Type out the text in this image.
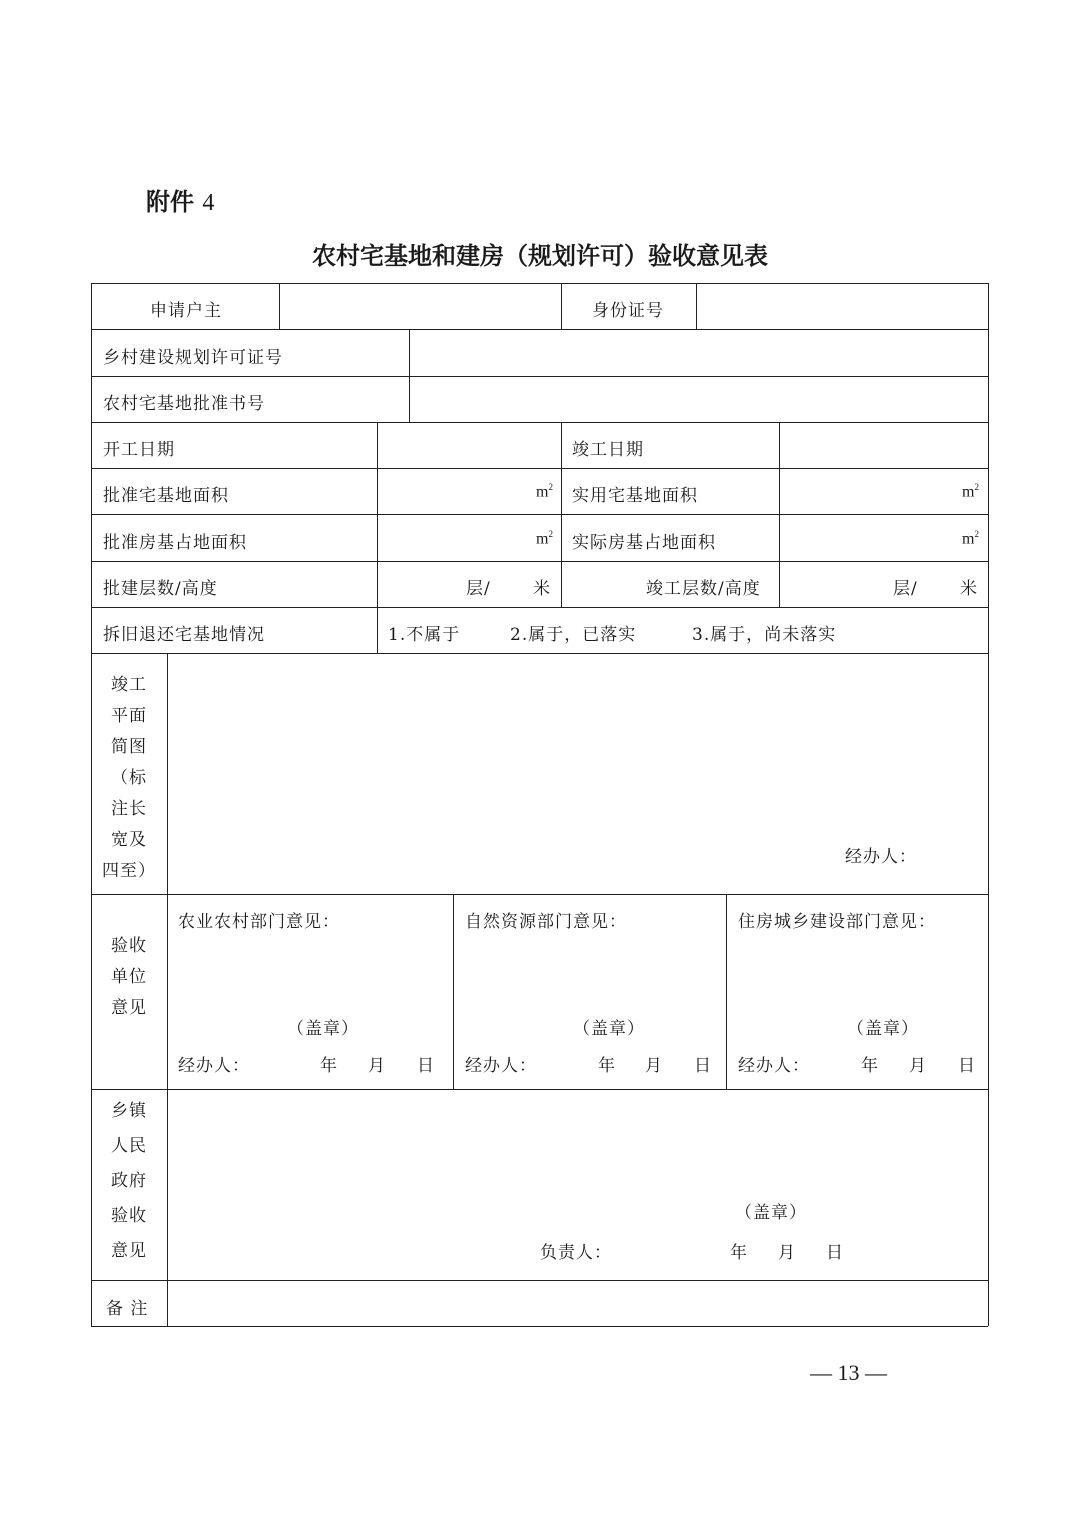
附件 4
农村宅基地和建房（规划许可）验收意见表
申请户主	身份证号
乡村建设规划许可证号
农村宅基地批准书号
开工日期	竣工日期
批准宅基地面积	$m^2$ 实用宅基地面积	$m^2$
批准房基占地面积	$m^2$ 实际房基占地面积	$m^2$
批建层数/高度	层/ 米	竣工层数/高度	层/ 米
拆旧退还宅基地情况	1.不属于	2.属于，已落实	3.属于，尚未落实
竣工
平面
简图
（标
注长
宽及
四至）
经办人：
验收
单位
意见
农业农村部门意见：
（盖章）
经办人：	年 月 日
自然资源部门意见：
（盖章）
经办人：	年 月 日
住房城乡建设部门意见：
（盖章）
经办人：	年 月 日
乡镇
人民
政府
验收
意见
（盖章）
负责人：	年 月 日
备 注
— 13 —
